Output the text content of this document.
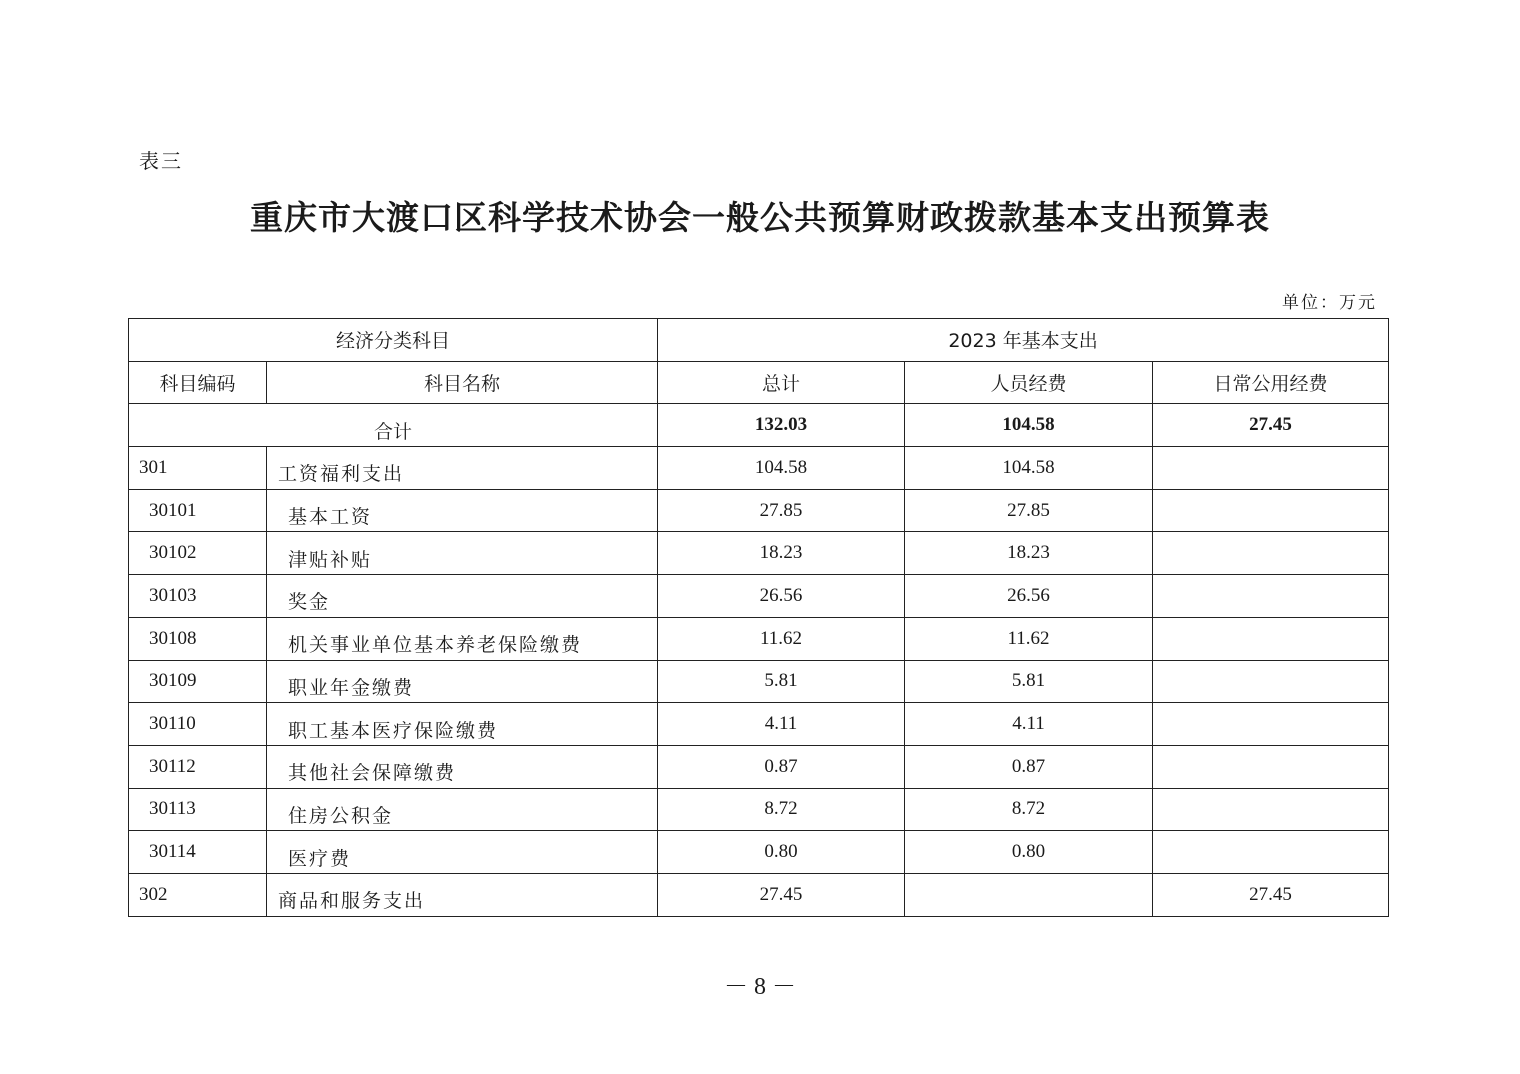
表三
重庆市大渡口区科学技术协会一般公共预算财政拨款基本支出预算表
单位：万元
经济分类科目		2023 年基本支出		
科目编码	科目名称	总计	人员经费	日常公用经费
合计		132.03	104.58	27.45
301	工资福利支出	104.58	104.58	
30101	基本工资	27.85	27.85	
30102	津贴补贴	18.23	18.23	
30103	奖金	26.56	26.56	
30108	机关事业单位基本养老保险缴费	11.62	11.62	
30109	职业年金缴费	5.81	5.81	
30110	职工基本医疗保险缴费	4.11	4.11	
30112	其他社会保障缴费	0.87	0.87	
30113	住房公积金	8.72	8.72	
30114	医疗费	0.80	0.80	
302	商品和服务支出	27.45		27.45
－ 8 －
